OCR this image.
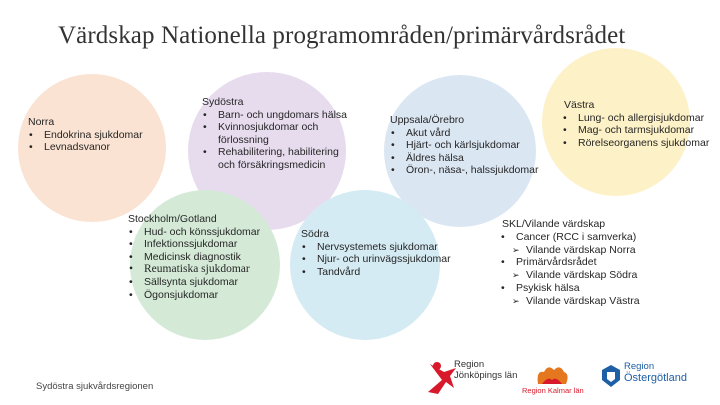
Värdskap Nationella programområden/primärvårdsrådet
Norra
• Endokrina sjukdomar
• Levnadsvanor
Sydöstra
• Barn- och ungdomars hälsa
• Kvinnosjukdomar och förlossning
• Rehabilitering, habilitering och försäkringsmedicin
Uppsala/Örebro
• Akut vård
• Hjärt- och kärlsjukdomar
• Äldres hälsa
• Öron-, näsa-, halssjukdomar
Västra
• Lung- och allergisjukdomar
• Mag- och tarmsjukdomar
• Rörelseorganens sjukdomar
Stockholm/Gotland
• Hud- och könssjukdomar
• Infektionssjukdomar
• Medicinsk diagnostik
• Reumatiska sjukdomar
• Sällsynta sjukdomar
• Ögonsjukdomar
Södra
• Nervsystemets sjukdomar
• Njur- och urinvägssjukdomar
• Tandvård
SKL/Vilande värdskap
• Cancer (RCC i samverka)
➢ Vilande värdskap Norra
• Primärvårdsrådet
➢ Vilande värdskap Södra
• Psykisk hälsa
➢ Vilande värdskap Västra
Sydöstra sjukvårdsregionen
Region
Jönköpings län
Region Kalmar län
Region
Östergötland
